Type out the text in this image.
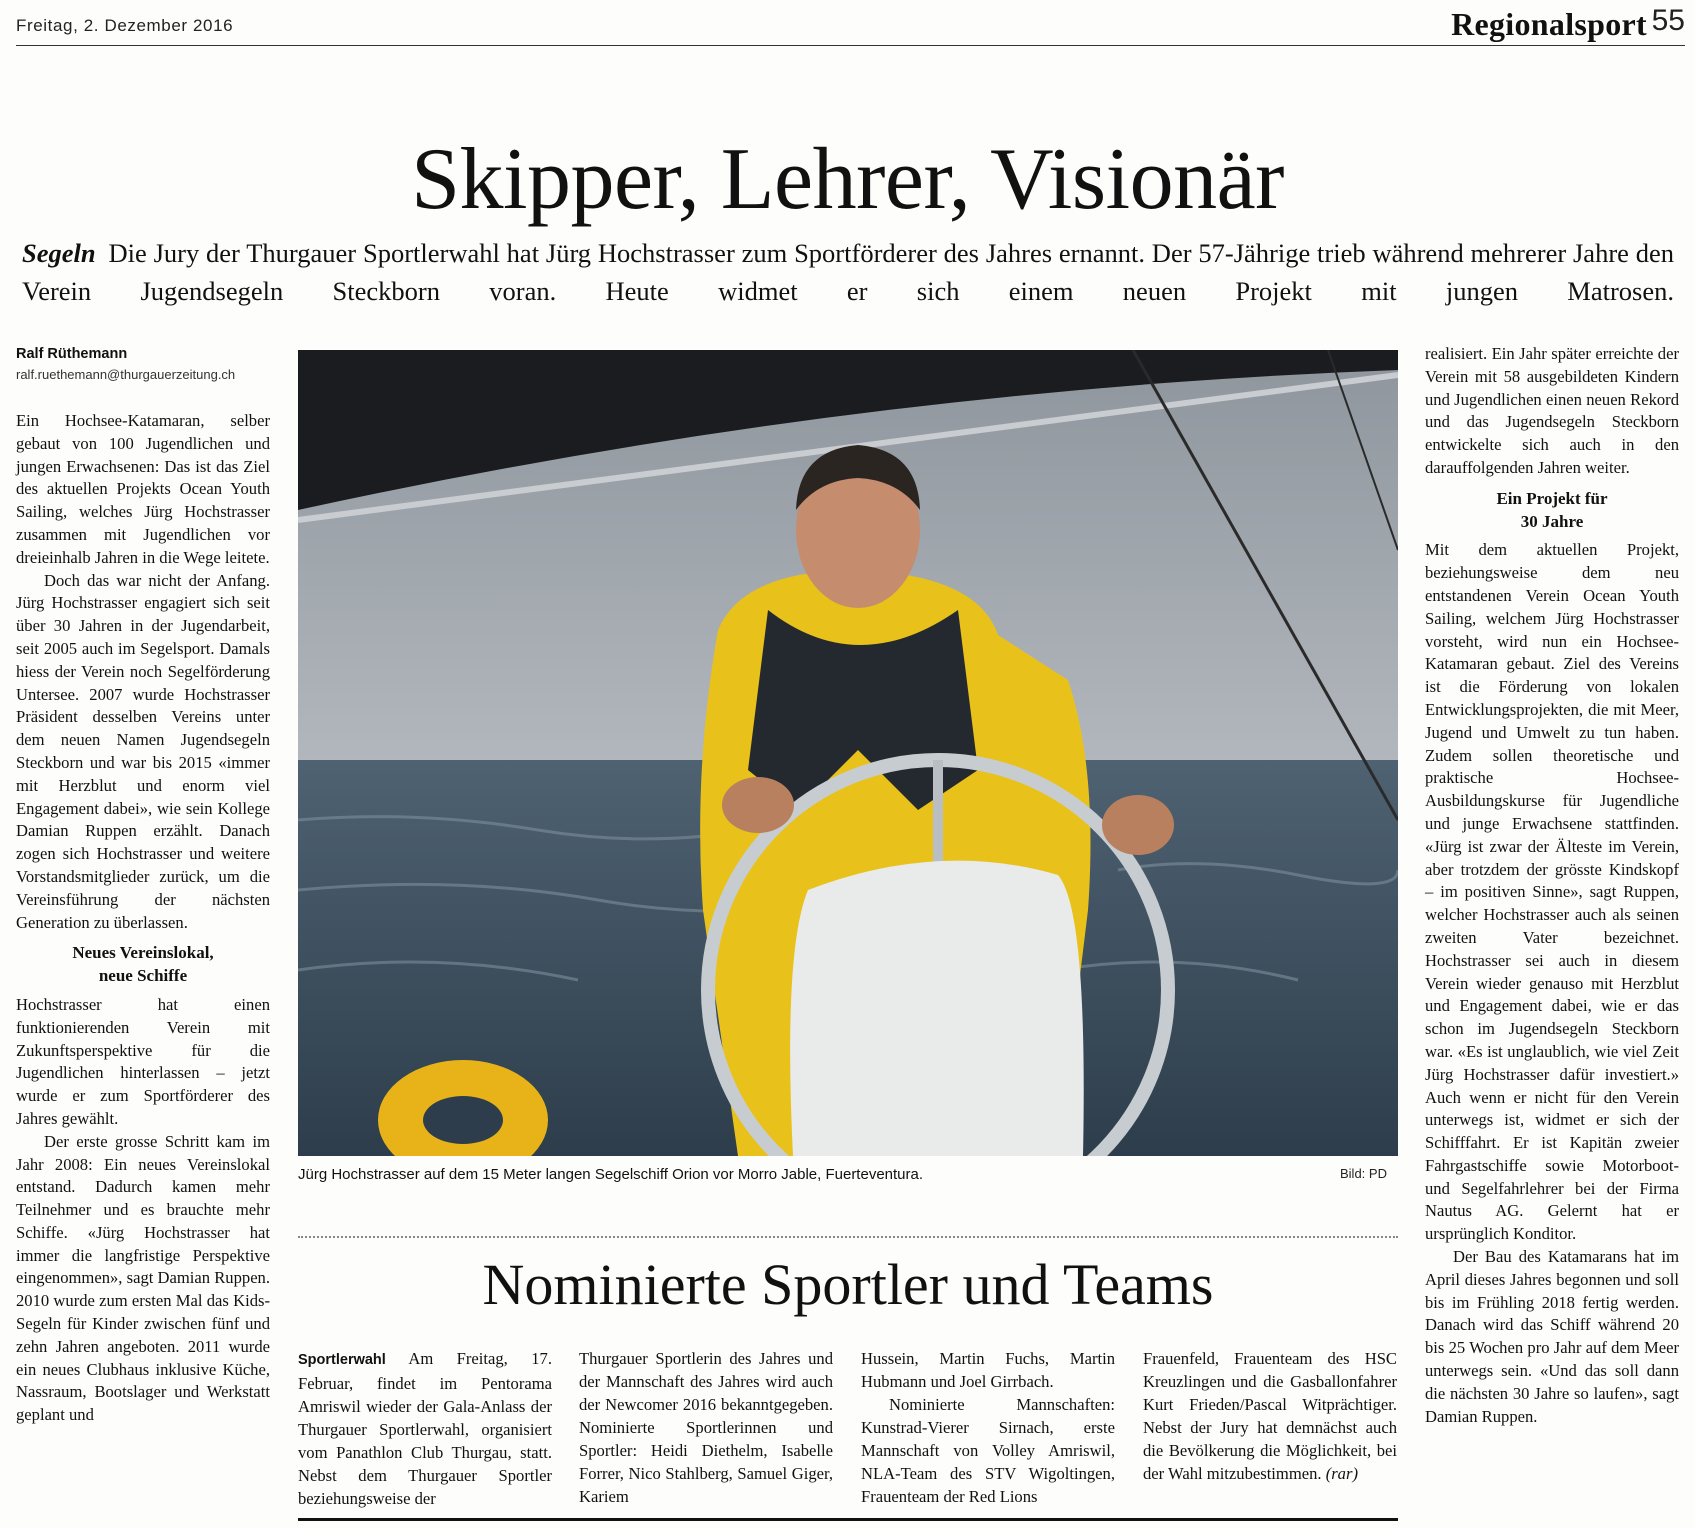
Freitag, 2. Dezember 2016	Regionalsport 55
Skipper, Lehrer, Visionär
Segeln Die Jury der Thurgauer Sportlerwahl hat Jürg Hochstrasser zum Sportförderer des Jahres ernannt. Der 57-Jährige trieb während mehrerer Jahre den Verein Jugendsegeln Steckborn voran. Heute widmet er sich einem neuen Projekt mit jungen Matrosen.
Ralf Rüthemann
ralf.ruethemann@thurgauerzeitung.ch

Ein Hochsee-Katamaran, selber gebaut von 100 Jugendlichen und jungen Erwachsenen: Das ist das Ziel des aktuellen Projekts Ocean Youth Sailing, welches Jürg Hochstrasser zusammen mit Jugendlichen vor dreieinhalb Jahren in die Wege leitete.

Doch das war nicht der Anfang. Jürg Hochstrasser engagiert sich seit über 30 Jahren in der Jugendarbeit, seit 2005 auch im Segelsport. Damals hiess der Verein noch Segelförderung Untersee. 2007 wurde Hochstrasser Präsident desselben Vereins unter dem neuen Namen Jugendsegeln Steckborn und war bis 2015 «immer mit Herzblut und enorm viel Engagement dabei», wie sein Kollege Damian Ruppen erzählt. Danach zogen sich Hochstrasser und weitere Vorstandsmitglieder zurück, um die Vereinsführung der nächsten Generation zu überlassen.

Neues Vereinslokal,
neue Schiffe

Hochstrasser hat einen funktionierenden Verein mit Zukunftsperspektive für die Jugendlichen hinterlassen – jetzt wurde er zum Sportförderer des Jahres gewählt.

Der erste grosse Schritt kam im Jahr 2008: Ein neues Vereinslokal entstand. Dadurch kamen mehr Teilnehmer und es brauchte mehr Schiffe. «Jürg Hochstrasser hat immer die langfristige Perspektive eingenommen», sagt Damian Ruppen. 2010 wurde zum ersten Mal das Kids-Segeln für Kinder zwischen fünf und zehn Jahren angeboten. 2011 wurde ein neues Clubhaus inklusive Küche, Nassraum, Bootslager und Werkstatt geplant und

Jürg Hochstrasser auf dem 15 Meter langen Segelschiff Orion vor Morro Jable, Fuerteventura.	Bild: PD

realisiert. Ein Jahr später erreichte der Verein mit 58 ausgebildeten Kindern und Jugendlichen einen neuen Rekord und das Jugendsegeln Steckborn entwickelte sich auch in den darauffolgenden Jahren weiter.

Ein Projekt für
30 Jahre

Mit dem aktuellen Projekt, beziehungsweise dem neu entstandenen Verein Ocean Youth Sailing, welchem Jürg Hochstrasser vorsteht, wird nun ein Hochsee-Katamaran gebaut. Ziel des Vereins ist die Förderung von lokalen Entwicklungsprojekten, die mit Meer, Jugend und Umwelt zu tun haben. Zudem sollen theoretische und praktische Hochsee-Ausbildungskurse für Jugendliche und junge Erwachsene stattfinden. «Jürg ist zwar der Älteste im Verein, aber trotzdem der grösste Kindskopf – im positiven Sinne», sagt Ruppen, welcher Hochstrasser auch als seinen zweiten Vater bezeichnet. Hochstrasser sei auch in diesem Verein wieder genauso mit Herzblut und Engagement dabei, wie er das schon im Jugendsegeln Steckborn war. «Es ist unglaublich, wie viel Zeit Jürg Hochstrasser dafür investiert.» Auch wenn er nicht für den Verein unterwegs ist, widmet er sich der Schifffahrt. Er ist Kapitän zweier Fahrgastschiffe sowie Motorboot- und Segelfahrlehrer bei der Firma Nautus AG. Gelernt hat er ursprünglich Konditor.

Der Bau des Katamarans hat im April dieses Jahres begonnen und soll bis im Frühling 2018 fertig werden. Danach wird das Schiff während 20 bis 25 Wochen pro Jahr auf dem Meer unterwegs sein. «Und das soll dann die nächsten 30 Jahre so laufen», sagt Damian Ruppen.

Nominierte Sportler und Teams

Sportlerwahl Am Freitag, 17. Februar, findet im Pentorama Amriswil wieder der Gala-Anlass der Thurgauer Sportlerwahl, organisiert vom Panathlon Club Thurgau, statt. Nebst dem Thurgauer Sportler beziehungsweise der

Thurgauer Sportlerin des Jahres und der Mannschaft des Jahres wird auch der Newcomer 2016 bekanntgegeben. Nominierte Sportlerinnen und Sportler: Heidi Diethelm, Isabelle Forrer, Nico Stahlberg, Samuel Giger, Kariem

Hussein, Martin Fuchs, Martin Hubmann und Joel Girrbach.

Nominierte Mannschaften: Kunstrad-Vierer Sirnach, erste Mannschaft von Volley Amriswil, NLA-Team des STV Wigoltingen, Frauenteam der Red Lions

Frauenfeld, Frauenteam des HSC Kreuzlingen und die Gasballonfahrer Kurt Frieden/Pascal Witprächtiger. Nebst der Jury hat demnächst auch die Bevölkerung die Möglichkeit, bei der Wahl mitzubestimmen. (rar)
